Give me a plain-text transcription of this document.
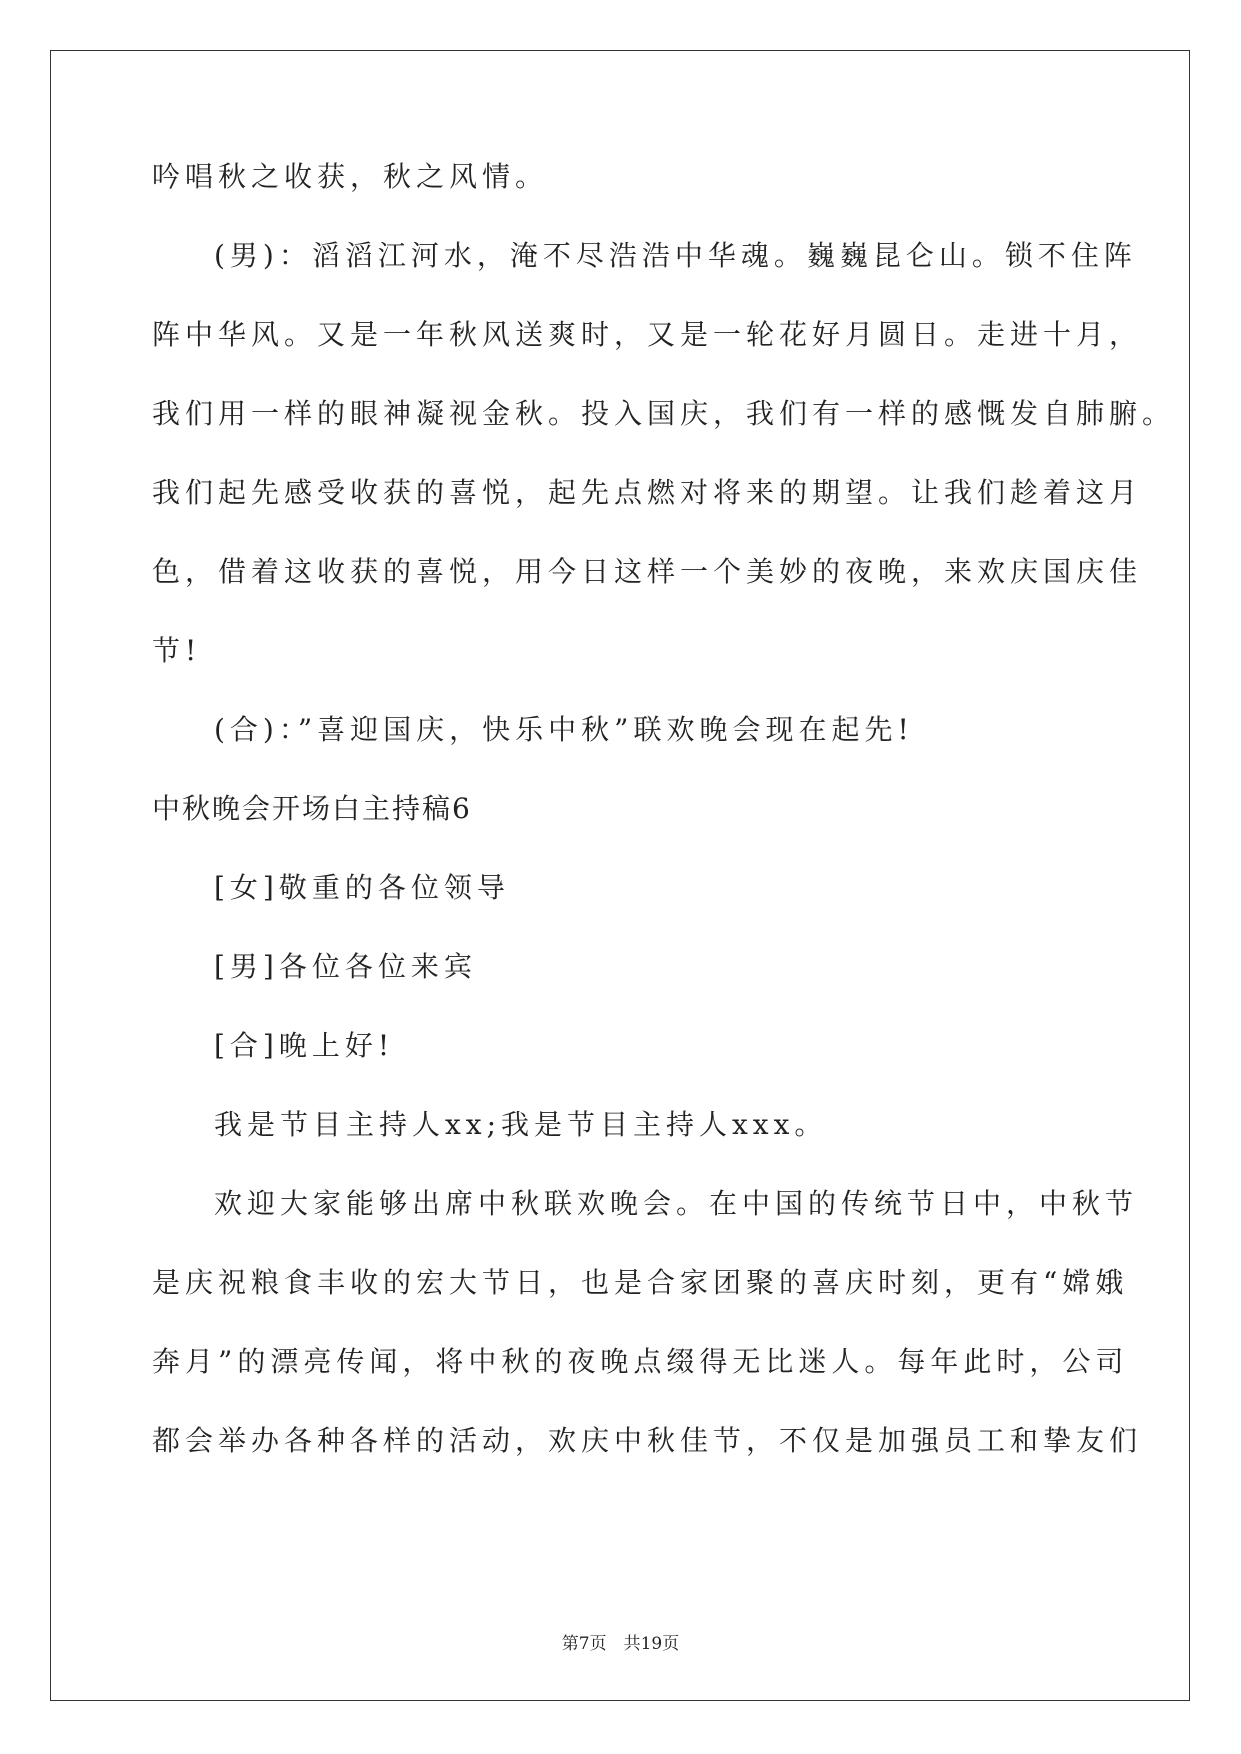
吟唱秋之收获，秋之风情。
(男)：滔滔江河水，淹不尽浩浩中华魂。巍巍昆仑山。锁不住阵
阵中华风。又是一年秋风送爽时，又是一轮花好月圆日。走进十月，
我们用一样的眼神凝视金秋。投入国庆，我们有一样的感慨发自肺腑。
我们起先感受收获的喜悦，起先点燃对将来的期望。让我们趁着这月
色，借着这收获的喜悦，用今日这样一个美妙的夜晚，来欢庆国庆佳
节!
(合)：”喜迎国庆，快乐中秋”联欢晚会现在起先!
中秋晚会开场白主持稿6
[女]敬重的各位领导
[男]各位各位来宾
[合]晚上好!
我是节目主持人xx;我是节目主持人xxx。
欢迎大家能够出席中秋联欢晚会。在中国的传统节日中，中秋节
是庆祝粮食丰收的宏大节日，也是合家团聚的喜庆时刻，更有“嫦娥
奔月”的漂亮传闻，将中秋的夜晚点缀得无比迷人。每年此时，公司
都会举办各种各样的活动，欢庆中秋佳节，不仅是加强员工和挚友们
第7页　共19页
